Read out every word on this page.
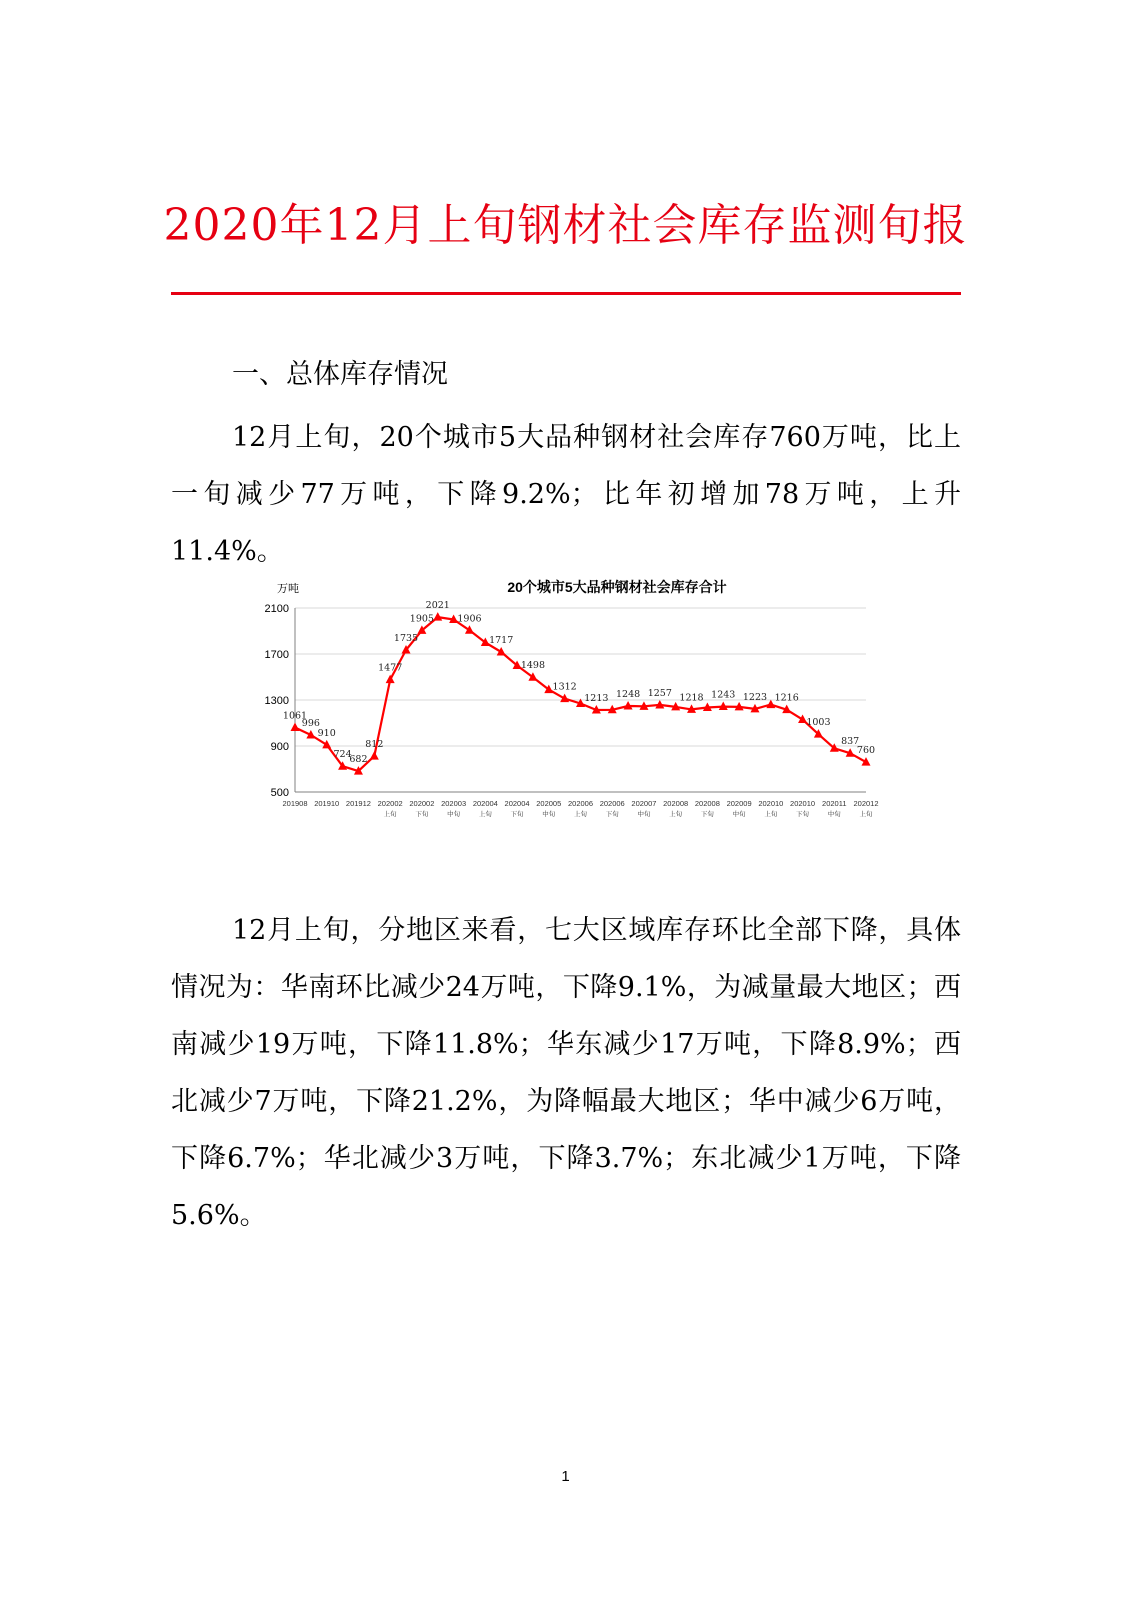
2020年12月上旬钢材社会库存监测旬报
一、总体库存情况
12月上旬，20个城市5大品种钢材社会库存760万吨，比上一旬减少77万吨，下降9.2%；比年初增加78万吨，上升11.4%。
20个城市5大品种钢材社会库存合计
万吨
500
900
1300
1700
2100
1061
996
910
724
682
812
1477
1735
1905
2021
1906
1717
1498
1312
1213 1248 1257 1218 1243 1223 1216
1003
837
760
201908 201910 201912 202002
上旬
202002
下旬
202003
中旬
202004
上旬
202004
下旬
202005
中旬
202006
上旬
202006
下旬
202007
中旬
202008
上旬
202008
下旬
202009
中旬
202010
上旬
202010
下旬
202011
中旬
202012
上旬
12月上旬，分地区来看，七大区域库存环比全部下降，具体情况为：华南环比减少24万吨，下降9.1%，为减量最大地区；西南减少19万吨，下降11.8%；华东减少17万吨，下降8.9%；西北减少7万吨，下降21.2%，为降幅最大地区；华中减少6万吨，下降6.7%；华北减少3万吨，下降3.7%；东北减少1万吨，下降5.6%。
1
